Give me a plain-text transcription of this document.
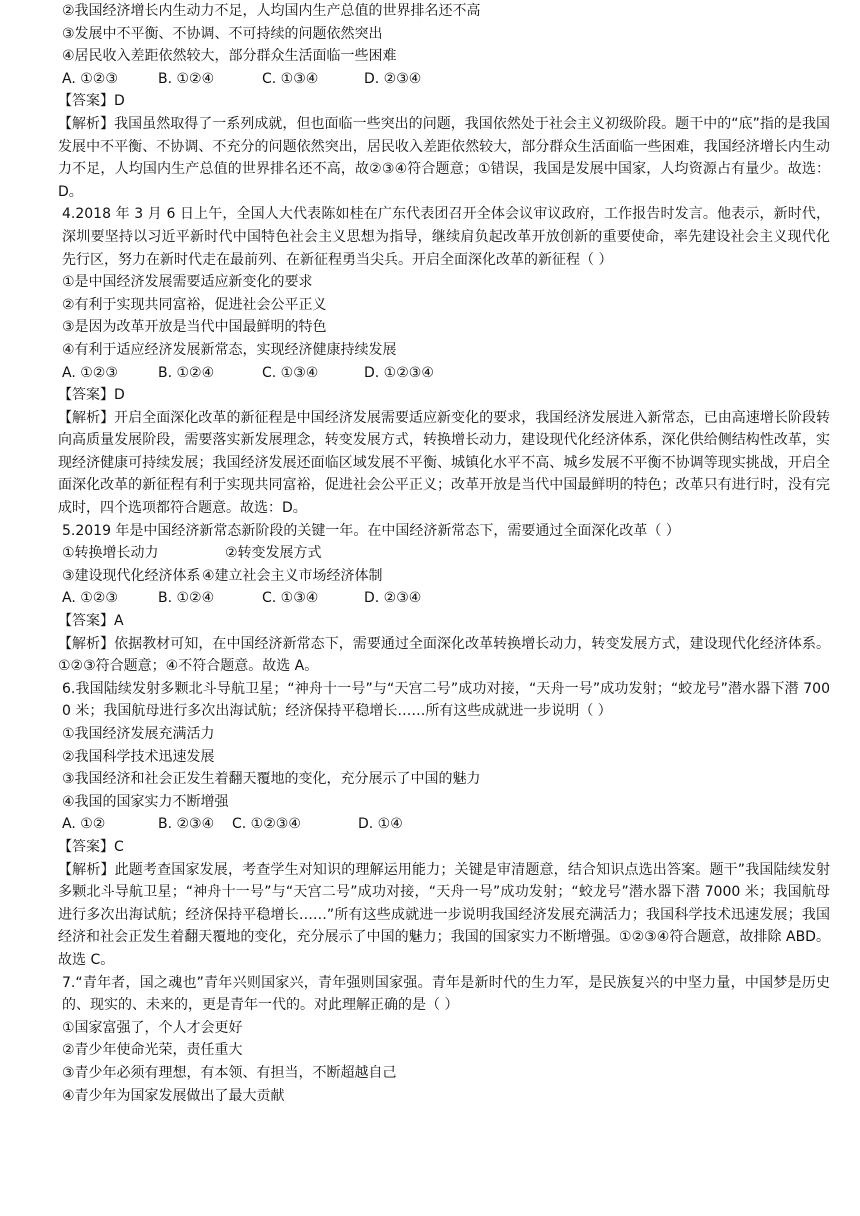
②我国经济增长内生动力不足，人均国内生产总值的世界排名还不高
③发展中不平衡、不协调、不可持续的问题依然突出
④居民收入差距依然较大，部分群众生活面临一些困难
A. ①②③	B. ①②④	C. ①③④	D. ②③④
【答案】D
【解析】我国虽然取得了一系列成就，但也面临一些突出的问题，我国依然处于社会主义初级阶段。题干中的“底”指的是我国发展中不平衡、不协调、不充分的问题依然突出，居民收入差距依然较大，部分群众生活面临一些困难，我国经济增长内生动力不足，人均国内生产总值的世界排名还不高，故②③④符合题意；①错误，我国是发展中国家，人均资源占有量少。故选：D。
4.2018 年 3 月 6 日上午，全国人大代表陈如桂在广东代表团召开全体会议审议政府，工作报告时发言。他表示，新时代，深圳要坚持以习近平新时代中国特色社会主义思想为指导，继续肩负起改革开放创新的重要使命，率先建设社会主义现代化先行区，努力在新时代走在最前列、在新征程勇当尖兵。开启全面深化改革的新征程（ ）
①是中国经济发展需要适应新变化的要求
②有利于实现共同富裕，促进社会公平正义
③是因为改革开放是当代中国最鲜明的特色
④有利于适应经济发展新常态，实现经济健康持续发展
A. ①②③	B. ①②④	C. ①③④	D. ①②③④
【答案】D
【解析】开启全面深化改革的新征程是中国经济发展需要适应新变化的要求，我国经济发展进入新常态，已由高速增长阶段转向高质量发展阶段，需要落实新发展理念，转变发展方式，转换增长动力，建设现代化经济体系，深化供给侧结构性改革，实现经济健康可持续发展；我国经济发展还面临区域发展不平衡、城镇化水平不高、城乡发展不平衡不协调等现实挑战，开启全面深化改革的新征程有利于实现共同富裕，促进社会公平正义；改革开放是当代中国最鲜明的特色；改革只有进行时，没有完成时，四个选项都符合题意。故选：D。
5.2019 年是中国经济新常态新阶段的关键一年。在中国经济新常态下，需要通过全面深化改革（ ）
①转换增长动力	②转变发展方式
③建设现代化经济体系④建立社会主义市场经济体制
A. ①②③	B. ①②④	C. ①③④	D. ②③④
【答案】A
【解析】依据教材可知，在中国经济新常态下，需要通过全面深化改革转换增长动力，转变发展方式，建设现代化经济体系。①②③符合题意；④不符合题意。故选 A。
6.我国陆续发射多颗北斗导航卫星；“神舟十一号”与“天宫二号”成功对接，“天舟一号”成功发射；“蛟龙号”潜水器下潜 7000 米；我国航母进行多次出海试航；经济保持平稳增长……所有这些成就进一步说明（ ）
①我国经济发展充满活力
②我国科学技术迅速发展
③我国经济和社会正发生着翻天覆地的变化，充分展示了中国的魅力
④我国的国家实力不断增强
A. ①②	B. ②③④ C. ①②③④	D. ①④
【答案】C
【解析】此题考查国家发展，考查学生对知识的理解运用能力；关键是审清题意，结合知识点选出答案。题干”我国陆续发射多颗北斗导航卫星；“神舟十一号”与“天宫二号”成功对接，“天舟一号”成功发射；“蛟龙号”潜水器下潜 7000 米；我国航母进行多次出海试航；经济保持平稳增长……”所有这些成就进一步说明我国经济发展充满活力；我国科学技术迅速发展；我国经济和社会正发生着翻天覆地的变化，充分展示了中国的魅力；我国的国家实力不断增强。①②③④符合题意，故排除 ABD。故选 C。
7.“青年者，国之魂也”青年兴则国家兴，青年强则国家强。青年是新时代的生力军，是民族复兴的中坚力量，中国梦是历史的、现实的、未来的，更是青年一代的。对此理解正确的是（ ）
①国家富强了，个人才会更好
②青少年使命光荣，责任重大
③青少年必须有理想，有本领、有担当，不断超越自己
④青少年为国家发展做出了最大贡献
